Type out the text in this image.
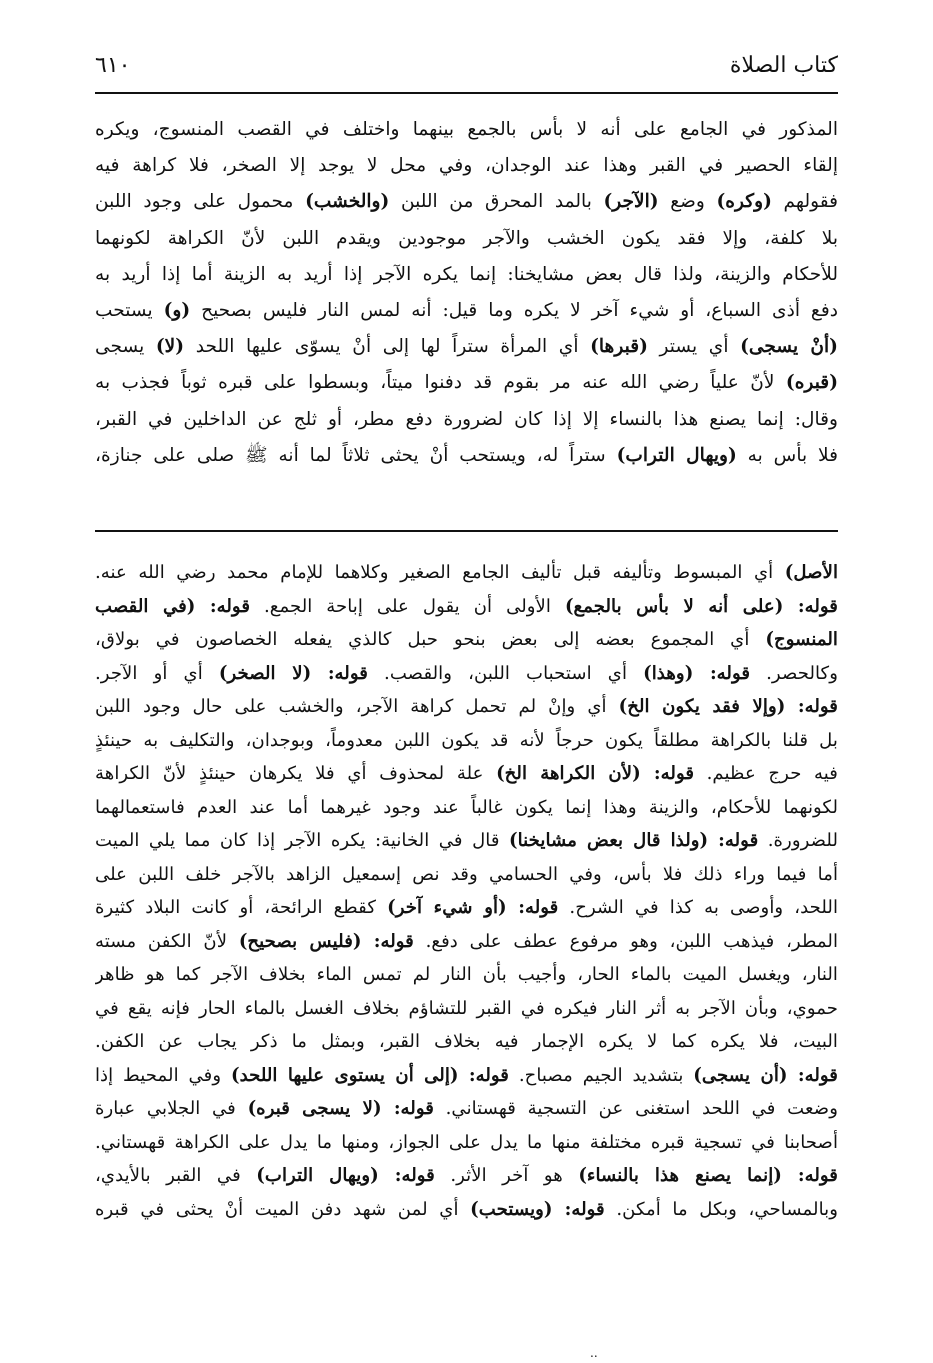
٦١٠	كتاب الصلاة
المذكور في الجامع على أنه لا بأس بالجمع بينهما واختلف في القصب المنسوج، ويكره
إلقاء الحصير في القبر وهذا عند الوجدان، وفي محل لا يوجد إلا الصخر، فلا كراهة فيه
فقولهم (وكره) وضع (الآجر) بالمد المحرق من اللبن (والخشب) محمول على وجود اللبن
بلا كلفة، وإلا فقد يكون الخشب والآجر موجودين ويقدم اللبن لأنّ الكراهة لكونهما
للأحكام والزينة، ولذا قال بعض مشايخنا: إنما يكره الآجر إذا أريد به الزينة أما إذا أريد به
دفع أذى السباع، أو شيء آخر لا يكره وما قيل: أنه لمس النار فليس بصحيح (و) يستحب
(أنْ يسجى) أي يستر (قبرها) أي المرأة ستراً لها إلى أنْ يسوّى عليها اللحد (لا) يسجى
(قبره) لأنّ علياً رضي الله عنه مر بقوم قد دفنوا ميتاً، وبسطوا على قبره ثوباً فجذب به
وقال: إنما يصنع هذا بالنساء إلا إذا كان لضرورة دفع مطر، أو ثلج عن الداخلين في القبر،
فلا بأس به (ويهال التراب) ستراً له، ويستحب أنْ يحثى ثلاثاً لما أنه ﷺ صلى على جنازة،
الأصل) أي المبسوط وتأليفه قبل تأليف الجامع الصغير وكلاهما للإمام محمد رضي الله عنه.
قوله: (على أنه لا بأس بالجمع) الأولى أن يقول على إباحة الجمع. قوله: (في القصب
المنسوج) أي المجموع بعضه إلى بعض بنحو حبل كالذي يفعله الخصاصون في بولاق،
وكالحصر. قوله: (وهذا) أي استحباب اللبن، والقصب. قوله: (لا الصخر) أي أو الآجر.
قوله: (وإلا فقد يكون الخ) أي وإنْ لم تحمل كراهة الآجر، والخشب على حال وجود اللبن
بل قلنا بالكراهة مطلقاً يكون حرجاً لأنه قد يكون اللبن معدوماً، وبوجدان، والتكليف به حينئذٍ
فيه حرج عظيم. قوله: (لأن الكراهة الخ) علة لمحذوف أي فلا يكرهان حينئذٍ لأنّ الكراهة
لكونهما للأحكام، والزينة وهذا إنما يكون غالباً عند وجود غيرهما أما عند العدم فاستعمالهما
للضرورة. قوله: (ولذا قال بعض مشايخنا) قال في الخانية: يكره الآجر إذا كان مما يلي الميت
أما فيما وراء ذلك فلا بأس، وفي الحسامي وقد نص إسمعيل الزاهد بالآجر خلف اللبن على
اللحد، وأوصى به كذا في الشرح. قوله: (أو شيء آخر) كقطع الرائحة، أو كانت البلاد كثيرة
المطر، فيذهب اللبن، وهو مرفوع عطف على دفع. قوله: (فليس بصحيح) لأنّ الكفن مسته
النار، ويغسل الميت بالماء الحار، وأجيب بأن النار لم تمس الماء بخلاف الآجر كما هو ظاهر
حموي، وبأن الآجر به أثر النار فيكره في القبر للتشاؤم بخلاف الغسل بالماء الحار فإنه يقع في
البيت، فلا يكره كما لا يكره الإجمار فيه بخلاف القبر، وبمثل ما ذكر يجاب عن الكفن.
قوله: (أن يسجى) بتشديد الجيم مصباح. قوله: (إلى أن يستوى عليها اللحد) وفي المحيط إذا
وضعت في اللحد استغنى عن التسجية قهستاني. قوله: (لا يسجى قبره) في الجلابي عبارة
أصحابنا في تسجية قبره مختلفة منها ما يدل على الجواز، ومنها ما يدل على الكراهة قهستاني.
قوله: (إنما يصنع هذا بالنساء) هو آخر الأثر. قوله: (ويهال التراب) في القبر بالأيدي،
وبالمساحي، وبكل ما أمكن. قوله: (ويستحب) أي لمن شهد دفن الميت أنْ يحثى في قبره
..
